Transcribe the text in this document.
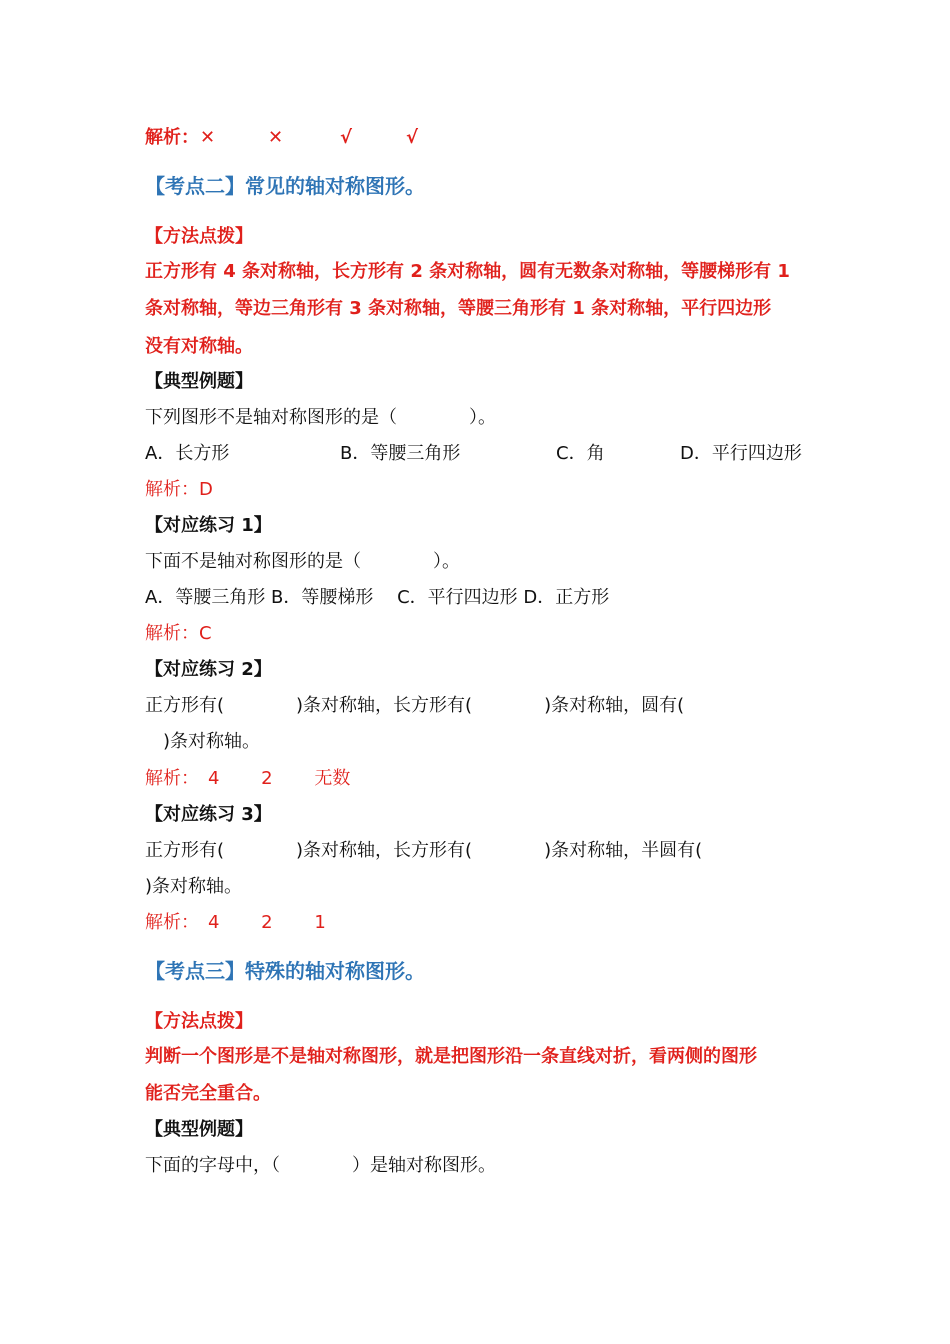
解析： ✕	✕	√	√
【考点二】常见的轴对称图形。
【方法点拨】
正方形有 4 条对称轴，长方形有 2 条对称轴，圆有无数条对称轴，等腰梯形有 1
条对称轴，等边三角形有 3 条对称轴，等腰三角形有 1 条对称轴，平行四边形
没有对称轴。
【典型例题】
下列图形不是轴对称图形的是（　　　　）。
A．长方形	B．等腰三角形	C．角	D．平行四边形
解析：D
【对应练习 1】
下面不是轴对称图形的是（　　　　）。
A．等腰三角形 B．等腰梯形　 C．平行四边形 D．正方形
解析：C
【对应练习 2】
正方形有(　　　　)条对称轴，长方形有(　　　　)条对称轴，圆有(
　)条对称轴。
解析：　4　　 2　　 无数
【对应练习 3】
正方形有(　　　　)条对称轴，长方形有(　　　　)条对称轴，半圆有(
)条对称轴。
解析：　4　　 2　　 1
【考点三】特殊的轴对称图形。
【方法点拨】
判断一个图形是不是轴对称图形，就是把图形沿一条直线对折，看两侧的图形
能否完全重合。
【典型例题】
下面的字母中，（　　　　）是轴对称图形。
